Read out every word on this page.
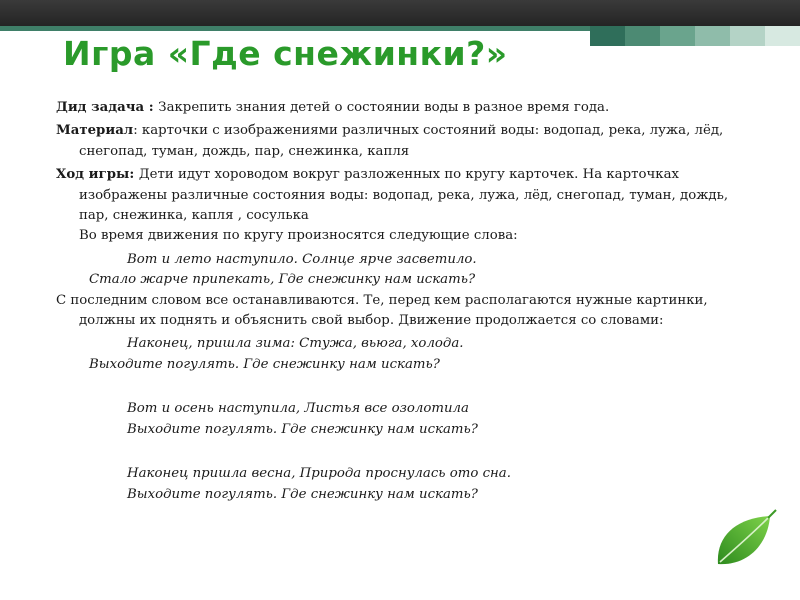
Игра «Где снежинки?»

Дид задача : Закрепить знания детей о состоянии воды в разное время года.

Материал: карточки с изображениями различных состояний воды: водопад, река, лужа, лёд, снегопад, туман, дождь, пар, снежинка, капля

Ход игры: Дети идут хороводом вокруг разложенных по кругу карточек. На карточках изображены различные состояния воды: водопад, река, лужа, лёд, снегопад, туман, дождь, пар, снежинка, капля , сосулька
Во время движения по кругу произносятся следующие слова:

Вот и лето наступило. Солнце ярче засветило.

Стало жарче припекать, Где снежинку нам искать?

С последним словом все останавливаются. Те, перед кем располагаются нужные картинки, должны их поднять и объяснить свой выбор. Движение продолжается со словами:

Наконец, пришла зима: Стужа, вьюга, холода.

Выходите погулять. Где снежинку нам искать?

Вот и осень наступила, Листья все озолотила

Выходите погулять. Где снежинку нам искать?

Наконец пришла весна, Природа проснулась ото сна.

Выходите погулять. Где снежинку нам искать?
